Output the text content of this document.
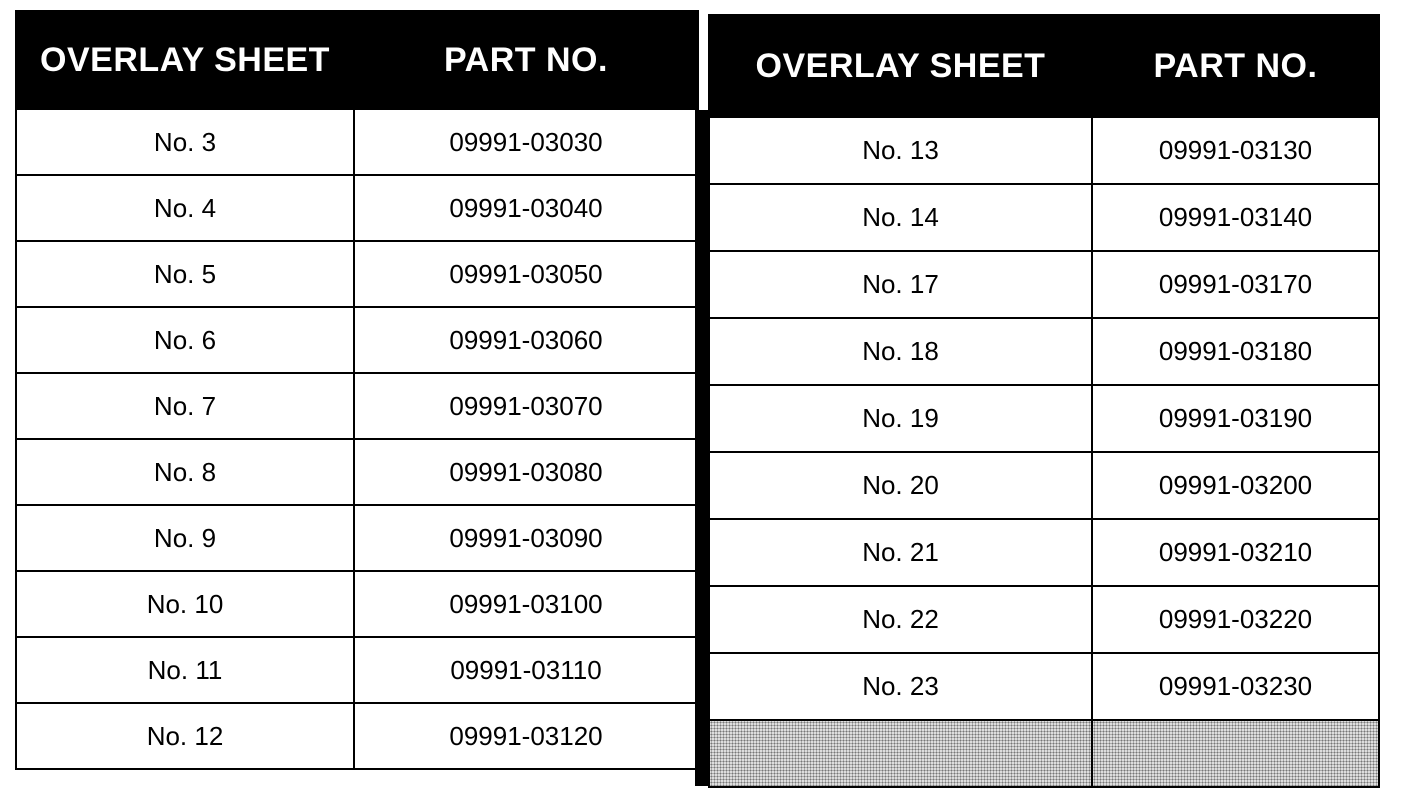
OVERLAY SHEET	PART NO.
No. 3	09991-03030
No. 4	09991-03040
No. 5	09991-03050
No. 6	09991-03060
No. 7	09991-03070
No. 8	09991-03080
No. 9	09991-03090
No. 10	09991-03100
No. 11	09991-03110
No. 12	09991-03120
OVERLAY SHEET	PART NO.
No. 13	09991-03130
No. 14	09991-03140
No. 17	09991-03170
No. 18	09991-03180
No. 19	09991-03190
No. 20	09991-03200
No. 21	09991-03210
No. 22	09991-03220
No. 23	09991-03230
